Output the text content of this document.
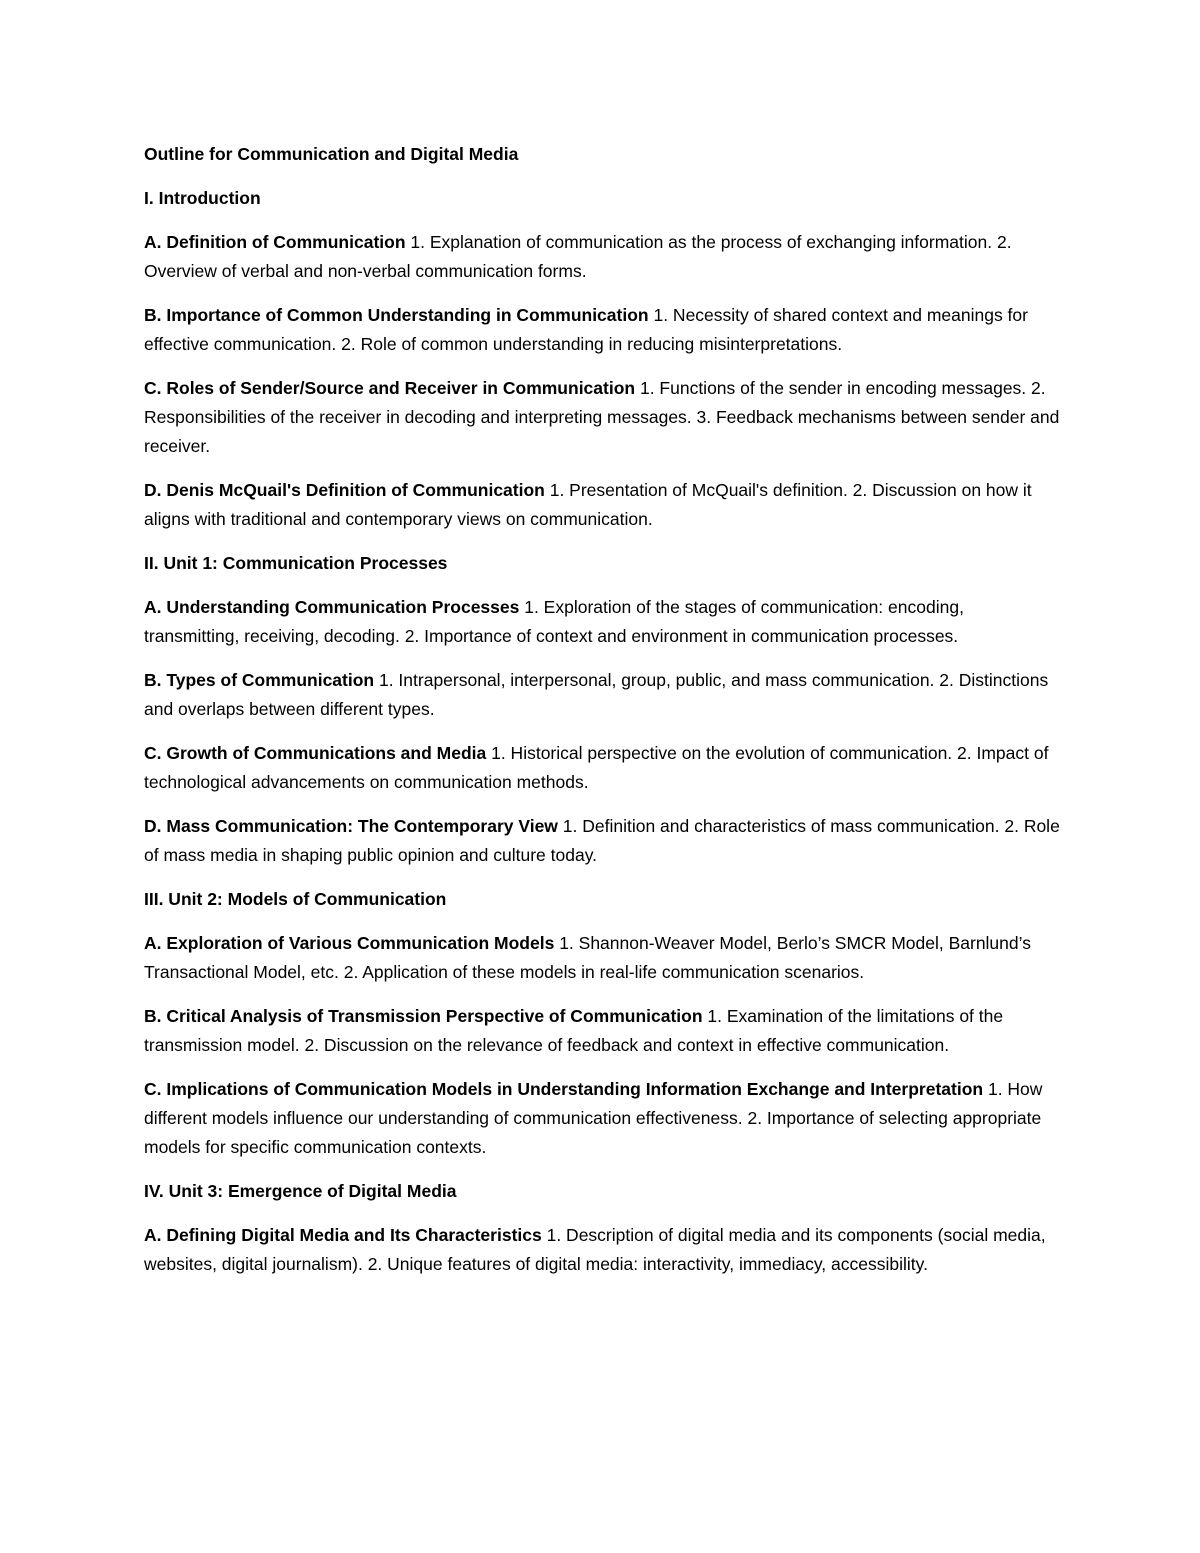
Outline for Communication and Digital Media

I. Introduction

A. Definition of Communication 1. Explanation of communication as the process of exchanging information. 2. Overview of verbal and non-verbal communication forms.

B. Importance of Common Understanding in Communication 1. Necessity of shared context and meanings for effective communication. 2. Role of common understanding in reducing misinterpretations.

C. Roles of Sender/Source and Receiver in Communication 1. Functions of the sender in encoding messages. 2. Responsibilities of the receiver in decoding and interpreting messages. 3. Feedback mechanisms between sender and receiver.

D. Denis McQuail's Definition of Communication 1. Presentation of McQuail's definition. 2. Discussion on how it aligns with traditional and contemporary views on communication.

II. Unit 1: Communication Processes

A. Understanding Communication Processes 1. Exploration of the stages of communication: encoding, transmitting, receiving, decoding. 2. Importance of context and environment in communication processes.

B. Types of Communication 1. Intrapersonal, interpersonal, group, public, and mass communication. 2. Distinctions and overlaps between different types.

C. Growth of Communications and Media 1. Historical perspective on the evolution of communication. 2. Impact of technological advancements on communication methods.

D. Mass Communication: The Contemporary View 1. Definition and characteristics of mass communication. 2. Role of mass media in shaping public opinion and culture today.

III. Unit 2: Models of Communication

A. Exploration of Various Communication Models 1. Shannon-Weaver Model, Berlo’s SMCR Model, Barnlund’s Transactional Model, etc. 2. Application of these models in real-life communication scenarios.

B. Critical Analysis of Transmission Perspective of Communication 1. Examination of the limitations of the transmission model. 2. Discussion on the relevance of feedback and context in effective communication.

C. Implications of Communication Models in Understanding Information Exchange and Interpretation 1. How different models influence our understanding of communication effectiveness. 2. Importance of selecting appropriate models for specific communication contexts.

IV. Unit 3: Emergence of Digital Media

A. Defining Digital Media and Its Characteristics 1. Description of digital media and its components (social media, websites, digital journalism). 2. Unique features of digital media: interactivity, immediacy, accessibility.
